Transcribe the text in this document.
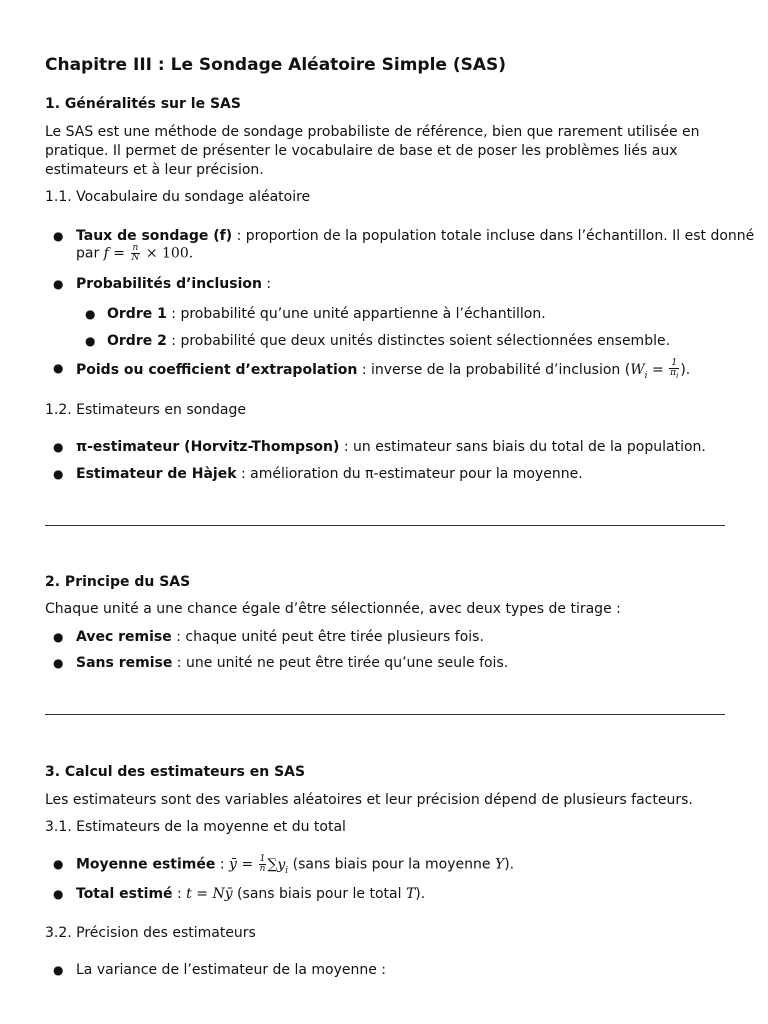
Chapitre III : Le Sondage Aléatoire Simple (SAS)
1. Généralités sur le SAS
Le SAS est une méthode de sondage probabiliste de référence, bien que rarement utilisée en pratique. Il permet de présenter le vocabulaire de base et de poser les problèmes liés aux estimateurs et à leur précision.
1.1. Vocabulaire du sondage aléatoire
● Taux de sondage (f) : proportion de la population totale incluse dans l’échantillon. Il est donné
par $f = \frac{n}{N} \times 100$.
● Probabilités d’inclusion :
● Ordre 1 : probabilité qu’une unité appartienne à l’échantillon.
● Ordre 2 : probabilité que deux unités distinctes soient sélectionnées ensemble.
● Poids ou coefficient d’extrapolation : inverse de la probabilité d’inclusion ($W_i = \frac{1}{\pi_i}$ ).
1.2. Estimateurs en sondage
● π-estimateur (Horvitz-Thompson) : un estimateur sans biais du total de la population.
● Estimateur de Hàjek : amélioration du π-estimateur pour la moyenne.
2. Principe du SAS
Chaque unité a une chance égale d’être sélectionnée, avec deux types de tirage :
● Avec remise : chaque unité peut être tirée plusieurs fois.
● Sans remise : une unité ne peut être tirée qu’une seule fois.
3. Calcul des estimateurs en SAS
Les estimateurs sont des variables aléatoires et leur précision dépend de plusieurs facteurs.
3.1. Estimateurs de la moyenne et du total
● Moyenne estimée : ȳ = $\frac{1}{n} \sum y_i$ (sans biais pour la moyenne Y).
● Total estimé : t = Nȳ (sans biais pour le total T).
3.2. Précision des estimateurs
● La variance de l’estimateur de la moyenne :
